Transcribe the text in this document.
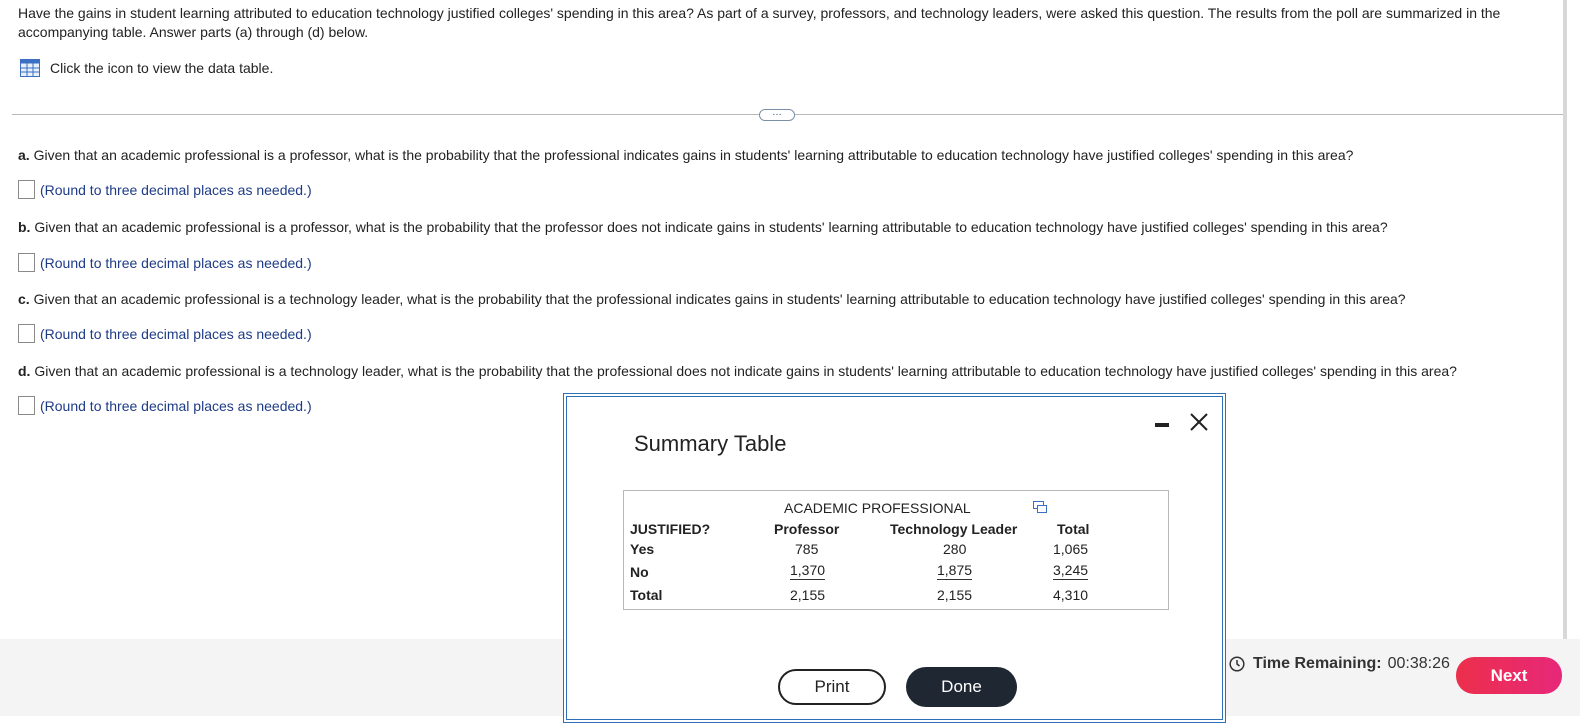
Have the gains in student learning attributed to education technology justified colleges' spending in this area? As part of a survey, professors, and technology leaders, were asked this question. The results from the poll are summarized in the accompanying table. Answer parts (a) through (d) below.
Click the icon to view the data table.
…
a. Given that an academic professional is a professor, what is the probability that the professional indicates gains in students' learning attributable to education technology have justified colleges' spending in this area?
(Round to three decimal places as needed.)
b. Given that an academic professional is a professor, what is the probability that the professor does not indicate gains in students' learning attributable to education technology have justified colleges' spending in this area?
(Round to three decimal places as needed.)
c. Given that an academic professional is a technology leader, what is the probability that the professional indicates gains in students' learning attributable to education technology have justified colleges' spending in this area?
(Round to three decimal places as needed.)
d. Given that an academic professional is a technology leader, what is the probability that the professional does not indicate gains in students' learning attributable to education technology have justified colleges' spending in this area?
(Round to three decimal places as needed.)
Time Remaining: 00:38:26
Next
Summary Table
ACADEMIC PROFESSIONAL
JUSTIFIED?	Professor	Technology Leader	Total
Yes	785	280	1,065
No	1,370	1,875	3,245
Total	2,155	2,155	4,310
Print	Done
